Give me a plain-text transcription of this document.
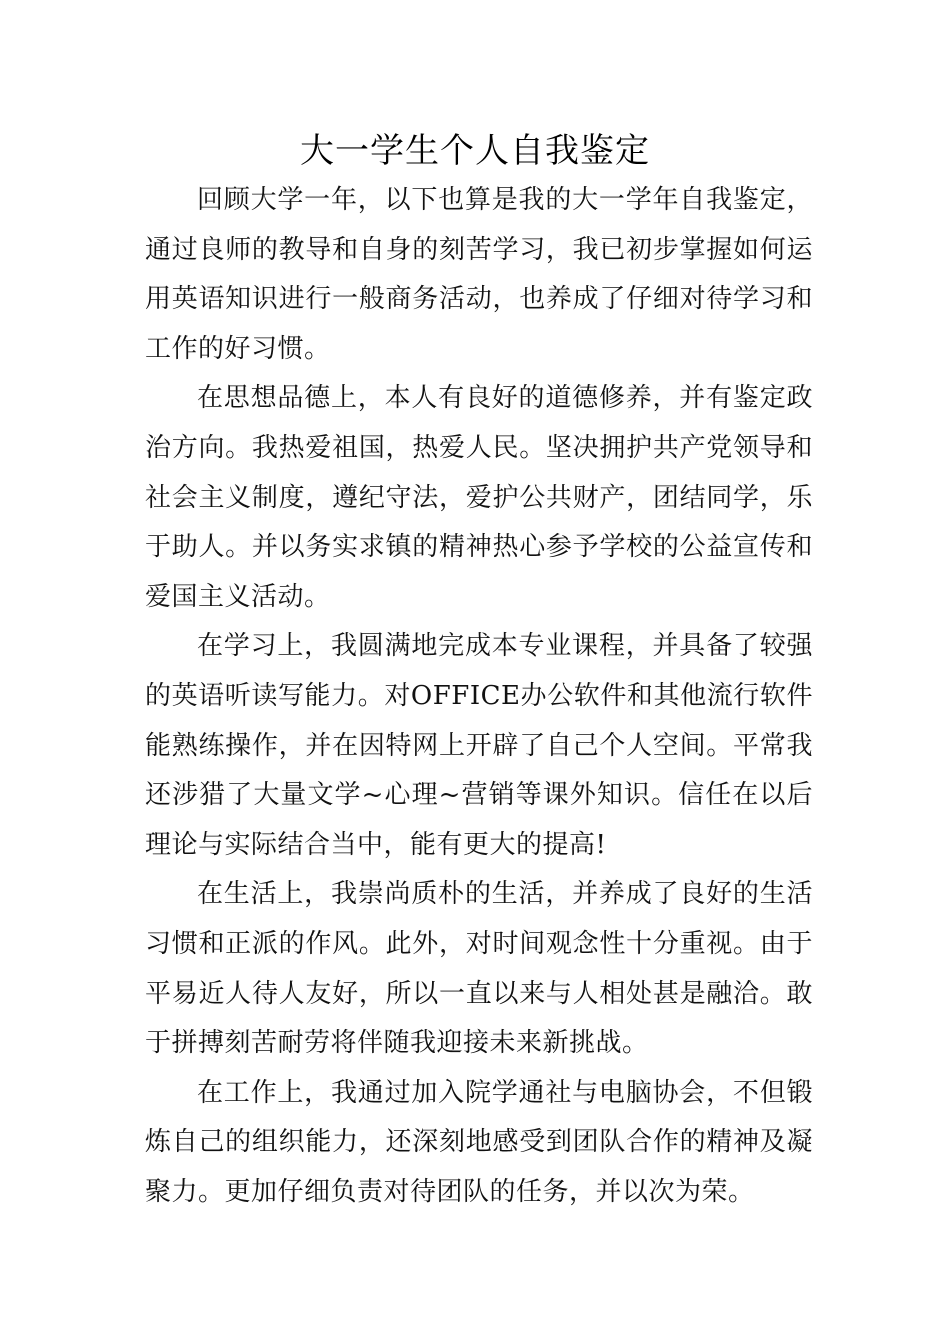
大一学生个人自我鉴定

回顾大学一年，以下也算是我的大一学年自我鉴定，通过良师的教导和自身的刻苦学习，我已初步掌握如何运用英语知识进行一般商务活动，也养成了仔细对待学习和工作的好习惯。

在思想品德上，本人有良好的道德修养，并有鉴定政治方向。我热爱祖国，热爱人民。坚决拥护共产党领导和社会主义制度，遵纪守法，爱护公共财产，团结同学，乐于助人。并以务实求镇的精神热心参予学校的公益宣传和爱国主义活动。

在学习上，我圆满地完成本专业课程，并具备了较强的英语听读写能力。对OFFICE办公软件和其他流行软件能熟练操作，并在因特网上开辟了自己个人空间。平常我还涉猎了大量文学~心理~营销等课外知识。信任在以后理论与实际结合当中，能有更大的提高!

在生活上，我崇尚质朴的生活，并养成了良好的生活习惯和正派的作风。此外，对时间观念性十分重视。由于平易近人待人友好，所以一直以来与人相处甚是融洽。敢于拼搏刻苦耐劳将伴随我迎接未来新挑战。

在工作上，我通过加入院学通社与电脑协会，不但锻炼自己的组织能力，还深刻地感受到团队合作的精神及凝聚力。更加仔细负责对待团队的任务，并以次为荣。
